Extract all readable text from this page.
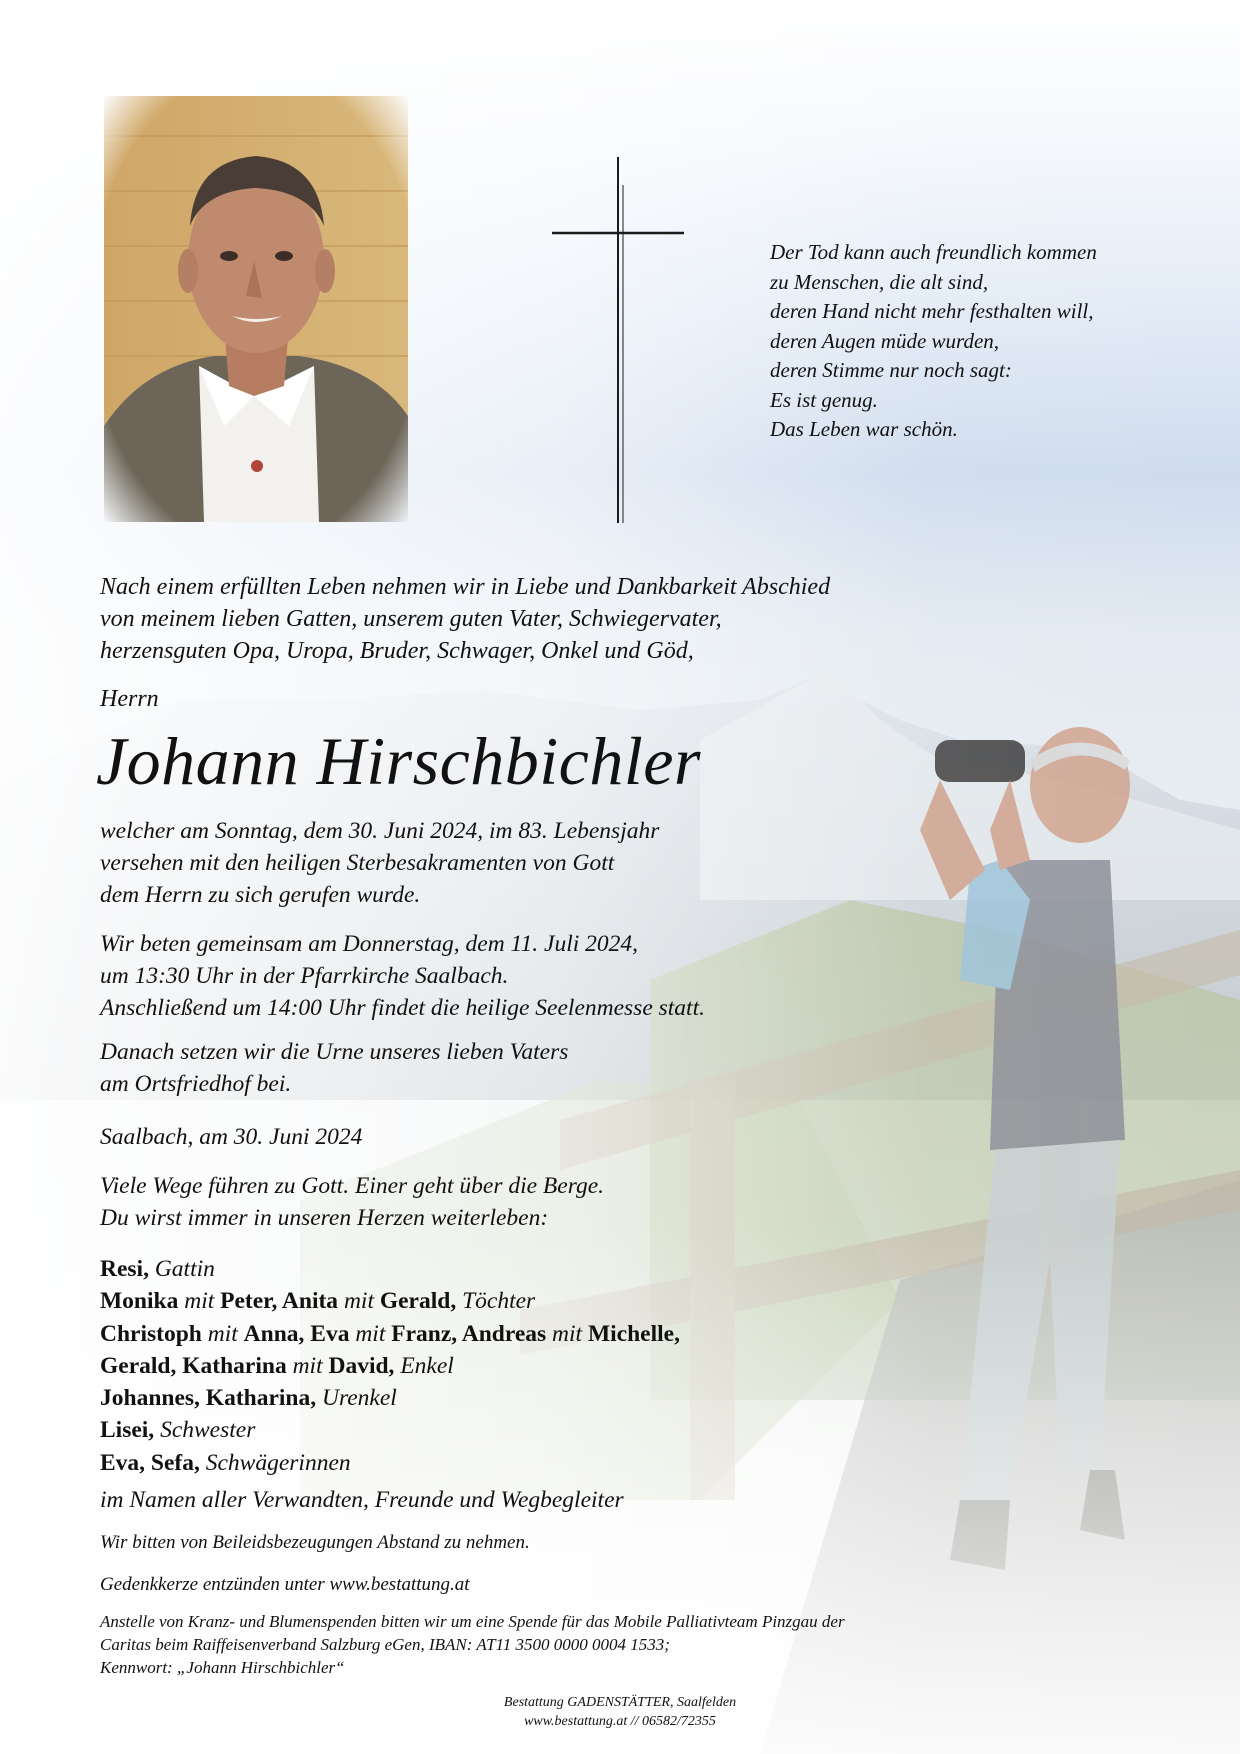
Der Tod kann auch freundlich kommen
zu Menschen, die alt sind,
deren Hand nicht mehr festhalten will,
deren Augen müde wurden,
deren Stimme nur noch sagt:
Es ist genug.
Das Leben war schön.
Nach einem erfüllten Leben nehmen wir in Liebe und Dankbarkeit Abschied
von meinem lieben Gatten, unserem guten Vater, Schwiegervater,
herzensguten Opa, Uropa, Bruder, Schwager, Onkel und Göd,
Herrn
Johann Hirschbichler
welcher am Sonntag, dem 30. Juni 2024, im 83. Lebensjahr
versehen mit den heiligen Sterbesakramenten von Gott
dem Herrn zu sich gerufen wurde.
Wir beten gemeinsam am Donnerstag, dem 11. Juli 2024,
um 13:30 Uhr in der Pfarrkirche Saalbach.
Anschließend um 14:00 Uhr findet die heilige Seelenmesse statt.
Danach setzen wir die Urne unseres lieben Vaters
am Ortsfriedhof bei.
Saalbach, am 30. Juni 2024
Viele Wege führen zu Gott. Einer geht über die Berge.
Du wirst immer in unseren Herzen weiterleben:
Resi, Gattin
Monika mit Peter, Anita mit Gerald, Töchter
Christoph mit Anna, Eva mit Franz, Andreas mit Michelle,
Gerald, Katharina mit David, Enkel
Johannes, Katharina, Urenkel
Lisei, Schwester
Eva, Sefa, Schwägerinnen
im Namen aller Verwandten, Freunde und Wegbegleiter
Wir bitten von Beileidsbezeugungen Abstand zu nehmen.
Gedenkkerze entzünden unter www.bestattung.at
Anstelle von Kranz- und Blumenspenden bitten wir um eine Spende für das Mobile Palliativteam Pinzgau der
Caritas beim Raiffeisenverband Salzburg eGen, IBAN: AT11 3500 0000 0004 1533;
Kennwort: „Johann Hirschbichler“
Bestattung GADENSTÄTTER, Saalfelden
www.bestattung.at // 06582/72355
